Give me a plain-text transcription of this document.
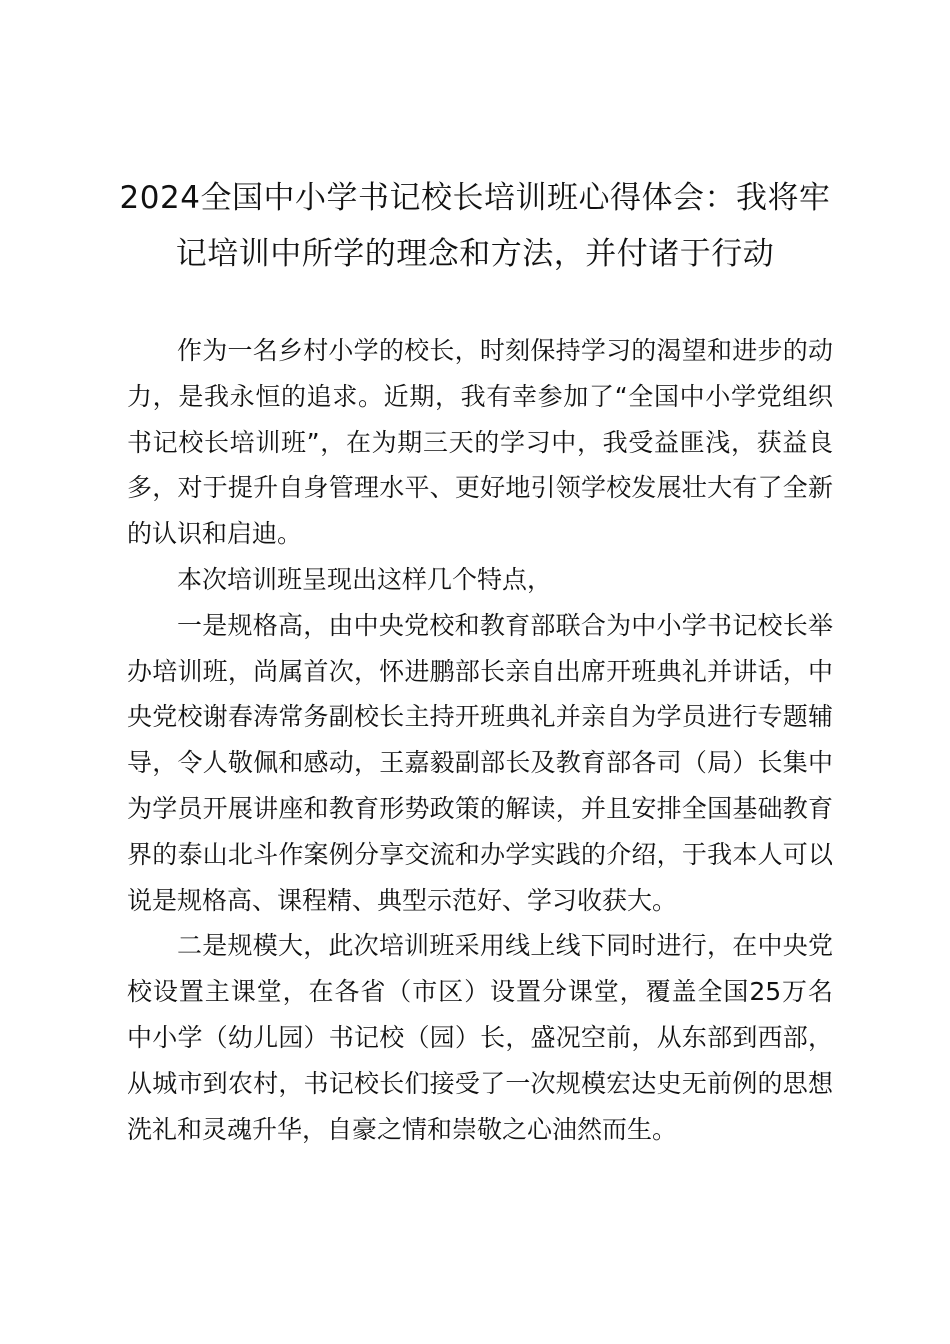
2024全国中小学书记校长培训班心得体会：我将牢记培训中所学的理念和方法，并付诸于行动

作为一名乡村小学的校长，时刻保持学习的渴望和进步的动力，是我永恒的追求。近期，我有幸参加了“全国中小学党组织书记校长培训班”，在为期三天的学习中，我受益匪浅，获益良多，对于提升自身管理水平、更好地引领学校发展壮大有了全新的认识和启迪。

本次培训班呈现出这样几个特点，

一是规格高，由中央党校和教育部联合为中小学书记校长举办培训班，尚属首次，怀进鹏部长亲自出席开班典礼并讲话，中央党校谢春涛常务副校长主持开班典礼并亲自为学员进行专题辅导，令人敬佩和感动，王嘉毅副部长及教育部各司（局）长集中为学员开展讲座和教育形势政策的解读，并且安排全国基础教育界的泰山北斗作案例分享交流和办学实践的介绍，于我本人可以说是规格高、课程精、典型示范好、学习收获大。

二是规模大，此次培训班采用线上线下同时进行，在中央党校设置主课堂，在各省（市区）设置分课堂，覆盖全国25万名中小学（幼儿园）书记校（园）长，盛况空前，从东部到西部，从城市到农村，书记校长们接受了一次规模宏达史无前例的思想洗礼和灵魂升华，自豪之情和崇敬之心油然而生。
